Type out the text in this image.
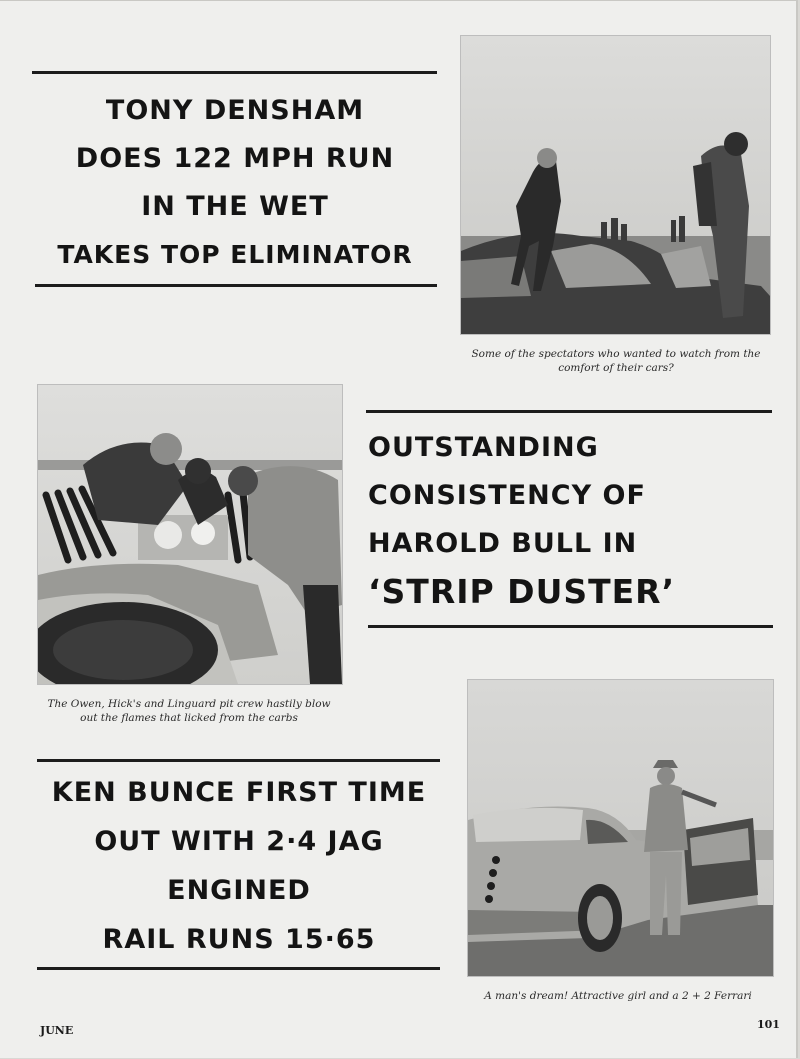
TONY DENSHAM
DOES 122 MPH RUN
IN THE WET
TAKES TOP ELIMINATOR
Some of the spectators who wanted to watch from the
comfort of their cars?
The Owen, Hick's and Linguard pit crew hastily blow
out the flames that licked from the carbs
OUTSTANDING
CONSISTENCY OF
HAROLD BULL IN
‘STRIP DUSTER’
KEN BUNCE FIRST TIME
OUT WITH 2·4 JAG
ENGINED
RAIL RUNS 15·65
A man's dream! Attractive girl and a 2 + 2 Ferrari
JUNE	101
